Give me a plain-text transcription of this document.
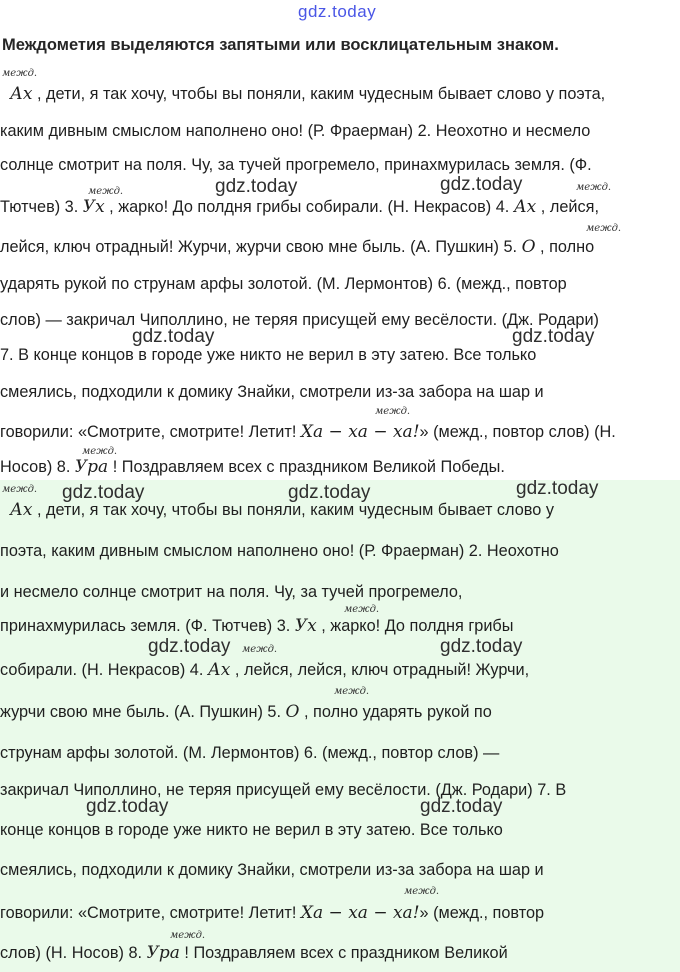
gdz.today
Междометия выделяются запятыми или восклицательным знаком.
межд.
Ах , дети, я так хочу, чтобы вы поняли, каким чудесным бывает слово у поэта,
каким дивным смыслом наполнено оно! (Р. Фраерман) 2. Неохотно и несмело
солнце смотрит на поля. Чу, за тучей прогремело, принахмурилась земля. (Ф.
межд.	межд.
Тютчев) 3. Ух , жарко! До полдня грибы собирали. (Н. Некрасов) 4. Ах , лейся,
межд.
лейся, ключ отрадный! Журчи, журчи свою мне быль. (А. Пушкин) 5. О , полно
ударять рукой по струнам арфы золотой. (М. Лермонтов) 6. (межд., повтор
слов) — закричал Чиполлино, не теряя присущей ему весёлости. (Дж. Родари)
7. В конце концов в городе уже никто не верил в эту затею. Все только
смеялись, подходили к домику Знайки, смотрели из-за забора на шар и
межд.
говорили: «Смотрите, смотрите! Летит! Ха − ха − ха!» (межд., повтор слов) (Н.
межд.
Носов) 8. Ура ! Поздравляем всех с праздником Великой Победы.
gdz.today	gdz.today
gdz.today	gdz.today
межд.
Ах , дети, я так хочу, чтобы вы поняли, каким чудесным бывает слово у
поэта, каким дивным смыслом наполнено оно! (Р. Фраерман) 2. Неохотно
и несмело солнце смотрит на поля. Чу, за тучей прогремело,
межд.
принахмурилась земля. (Ф. Тютчев) 3. Ух , жарко! До полдня грибы
межд.
собирали. (Н. Некрасов) 4. Ах , лейся, лейся, ключ отрадный! Журчи,
межд.
журчи свою мне быль. (А. Пушкин) 5. О , полно ударять рукой по
струнам арфы золотой. (М. Лермонтов) 6. (межд., повтор слов) —
закричал Чиполлино, не теряя присущей ему весёлости. (Дж. Родари) 7. В
конце концов в городе уже никто не верил в эту затею. Все только
смеялись, подходили к домику Знайки, смотрели из-за забора на шар и
межд.
говорили: «Смотрите, смотрите! Летит! Ха − ха − ха!» (межд., повтор
межд.
слов) (Н. Носов) 8. Ура ! Поздравляем всех с праздником Великой
gdz.today	gdz.today	gdz.today
gdz.today	gdz.today
gdz.today	gdz.today
